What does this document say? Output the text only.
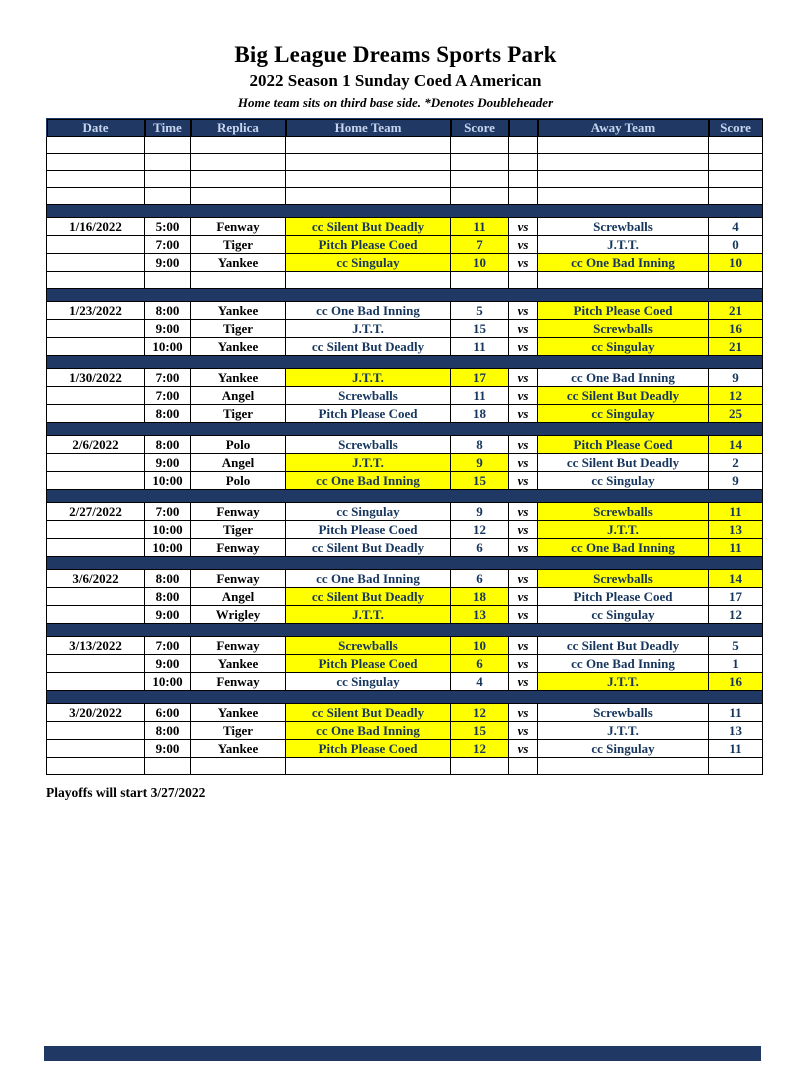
Big League Dreams Sports Park
2022 Season 1 Sunday Coed A American
Home team sits on third base side. *Denotes Doubleheader
Date	Time	Replica	Home Team	Score		Away Team	Score

1/16/2022	5:00	Fenway	cc Silent But Deadly	11	vs	Screwballs	4
	7:00	Tiger	Pitch Please Coed	7	vs	J.T.T.	0
	9:00	Yankee	cc Singulay	10	vs	cc One Bad Inning	10

1/23/2022	8:00	Yankee	cc One Bad Inning	5	vs	Pitch Please Coed	21
	9:00	Tiger	J.T.T.	15	vs	Screwballs	16
	10:00	Yankee	cc Silent But Deadly	11	vs	cc Singulay	21

1/30/2022	7:00	Yankee	J.T.T.	17	vs	cc One Bad Inning	9
	7:00	Angel	Screwballs	11	vs	cc Silent But Deadly	12
	8:00	Tiger	Pitch Please Coed	18	vs	cc Singulay	25

2/6/2022	8:00	Polo	Screwballs	8	vs	Pitch Please Coed	14
	9:00	Angel	J.T.T.	9	vs	cc Silent But Deadly	2
	10:00	Polo	cc One Bad Inning	15	vs	cc Singulay	9

2/27/2022	7:00	Fenway	cc Singulay	9	vs	Screwballs	11
	10:00	Tiger	Pitch Please Coed	12	vs	J.T.T.	13
	10:00	Fenway	cc Silent But Deadly	6	vs	cc One Bad Inning	11

3/6/2022	8:00	Fenway	cc One Bad Inning	6	vs	Screwballs	14
	8:00	Angel	cc Silent But Deadly	18	vs	Pitch Please Coed	17
	9:00	Wrigley	J.T.T.	13	vs	cc Singulay	12

3/13/2022	7:00	Fenway	Screwballs	10	vs	cc Silent But Deadly	5
	9:00	Yankee	Pitch Please Coed	6	vs	cc One Bad Inning	1
	10:00	Fenway	cc Singulay	4	vs	J.T.T.	16

3/20/2022	6:00	Yankee	cc Silent But Deadly	12	vs	Screwballs	11
	8:00	Tiger	cc One Bad Inning	15	vs	J.T.T.	13
	9:00	Yankee	Pitch Please Coed	12	vs	cc Singulay	11

Playoffs will start 3/27/2022
